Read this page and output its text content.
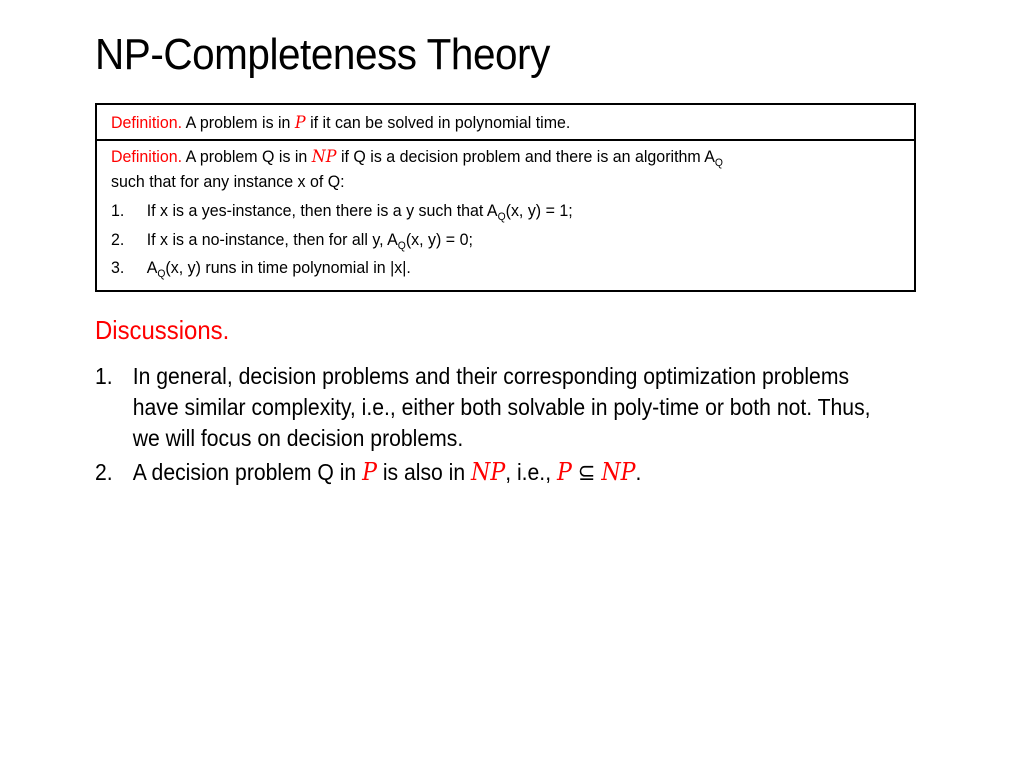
NP-Completeness Theory
Definition. A problem is in P if it can be solved in polynomial time.
Definition. A problem Q is in NP if Q is a decision problem and there is an algorithm $A_Q$
such that for any instance x of Q:
1. If x is a yes-instance, then there is a y such that $A_Q(x$, y) = 1;
2. If x is a no-instance, then for all y, $A_Q(x$, y) = 0;
3. $A_Q(x$, y) runs in time polynomial in |x|.
Discussions.
1. In general, decision problems and their corresponding optimization problems have similar complexity, i.e., either both solvable in poly-time or both not. Thus, we will focus on decision problems.
2. A decision problem Q in P is also in NP, i.e., P ⊆ NP.
